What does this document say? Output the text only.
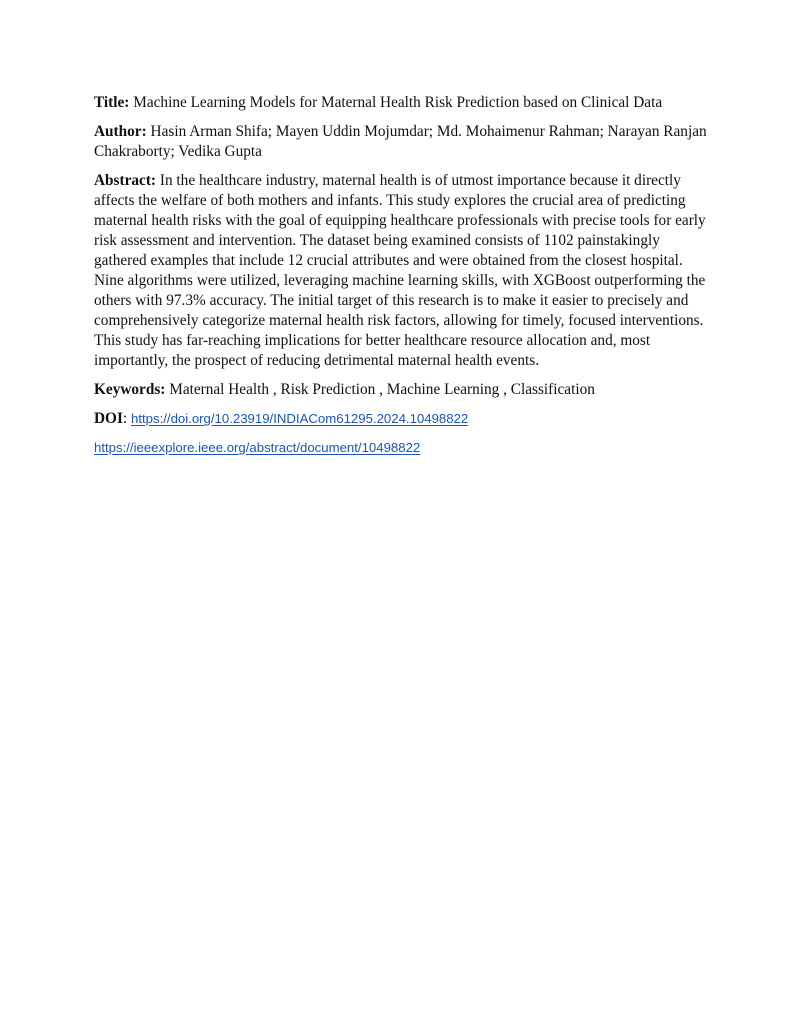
Title: Machine Learning Models for Maternal Health Risk Prediction based on Clinical Data

Author: Hasin Arman Shifa; Mayen Uddin Mojumdar; Md. Mohaimenur Rahman; Narayan Ranjan Chakraborty; Vedika Gupta

Abstract: In the healthcare industry, maternal health is of utmost importance because it directly affects the welfare of both mothers and infants. This study explores the crucial area of predicting maternal health risks with the goal of equipping healthcare professionals with precise tools for early risk assessment and intervention. The dataset being examined consists of 1102 painstakingly gathered examples that include 12 crucial attributes and were obtained from the closest hospital. Nine algorithms were utilized, leveraging machine learning skills, with XGBoost outperforming the others with 97.3% accuracy. The initial target of this research is to make it easier to precisely and comprehensively categorize maternal health risk factors, allowing for timely, focused interventions. This study has far-reaching implications for better healthcare resource allocation and, most importantly, the prospect of reducing detrimental maternal health events.

Keywords: Maternal Health , Risk Prediction , Machine Learning , Classification

DOI: https://doi.org/10.23919/INDIACom61295.2024.10498822

https://ieeexplore.ieee.org/abstract/document/10498822
